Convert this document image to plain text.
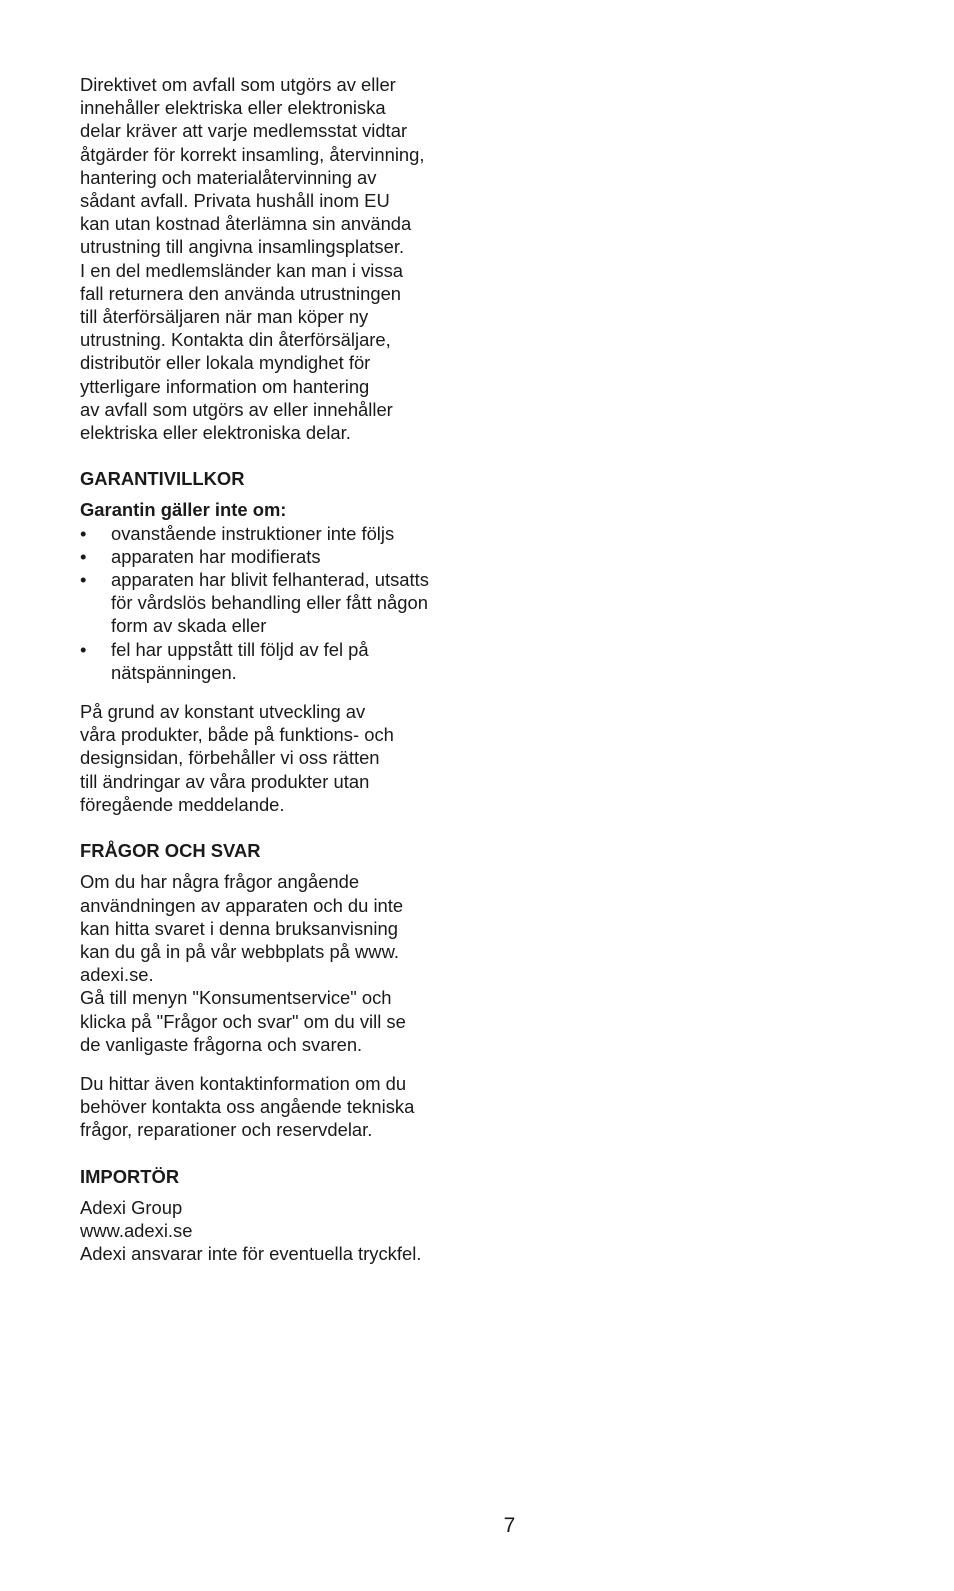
Direktivet om avfall som utgörs av eller
innehåller elektriska eller elektroniska
delar kräver att varje medlemsstat vidtar
åtgärder för korrekt insamling, återvinning,
hantering och materialåtervinning av
sådant avfall. Privata hushåll inom EU
kan utan kostnad återlämna sin använda
utrustning till angivna insamlingsplatser.
I en del medlemsländer kan man i vissa
fall returnera den använda utrustningen
till återförsäljaren när man köper ny
utrustning. Kontakta din återförsäljare,
distributör eller lokala myndighet för
ytterligare information om hantering
av avfall som utgörs av eller innehåller
elektriska eller elektroniska delar.

GARANTIVILLKOR
Garantin gäller inte om:
• ovanstående instruktioner inte följs
• apparaten har modifierats
• apparaten har blivit felhanterad, utsatts
för vårdslös behandling eller fått någon
form av skada eller
• fel har uppstått till följd av fel på
nätspänningen.

På grund av konstant utveckling av
våra produkter, både på funktions- och
designsidan, förbehåller vi oss rätten
till ändringar av våra produkter utan
föregående meddelande.

FRÅGOR OCH SVAR

Om du har några frågor angående
användningen av apparaten och du inte
kan hitta svaret i denna bruksanvisning
kan du gå in på vår webbplats på www.
adexi.se.
Gå till menyn "Konsumentservice" och
klicka på "Frågor och svar" om du vill se
de vanligaste frågorna och svaren.

Du hittar även kontaktinformation om du
behöver kontakta oss angående tekniska
frågor, reparationer och reservdelar.

IMPORTÖR

Adexi Group
www.adexi.se
Adexi ansvarar inte för eventuella tryckfel.

7
